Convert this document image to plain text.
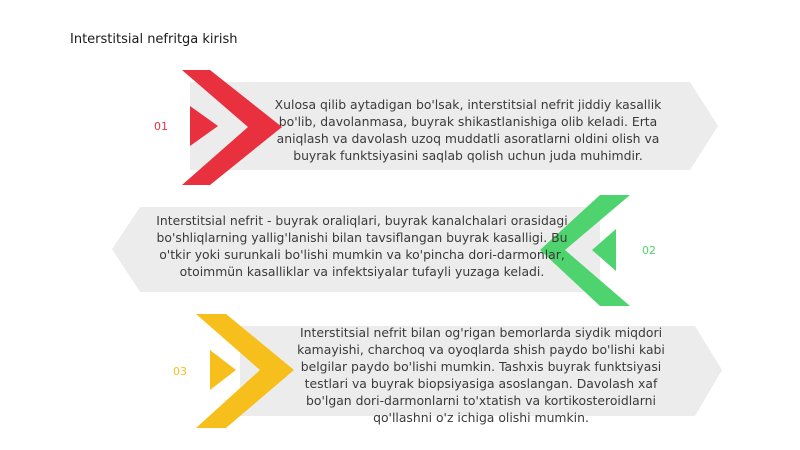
Interstitsial nefritga kirish
01
02
03
Xulosa qilib aytadigan bo'lsak, interstitsial nefrit jiddiy kasallik bo'lib, davolanmasa, buyrak shikastlanishiga olib keladi. Erta aniqlash va davolash uzoq muddatli asoratlarni oldini olish va buyrak funktsiyasini saqlab qolish uchun juda muhimdir.
Interstitsial nefrit - buyrak oraliqlari, buyrak kanalchalari orasidagi bo'shliqlarning yallig'lanishi bilan tavsiflangan buyrak kasalligi. Bu o'tkir yoki surunkali bo'lishi mumkin va ko'pincha dori-darmonlar, otoimmün kasalliklar va infektsiyalar tufayli yuzaga keladi.
Interstitsial nefrit bilan og'rigan bemorlarda siydik miqdori kamayishi, charchoq va oyoqlarda shish paydo bo'lishi kabi belgilar paydo bo'lishi mumkin. Tashxis buyrak funktsiyasi testlari va buyrak biopsiyasiga asoslangan. Davolash xaf bo'lgan dori-darmonlarni to'xtatish va kortikosteroidlarni qo'llashni o'z ichiga olishi mumkin.
